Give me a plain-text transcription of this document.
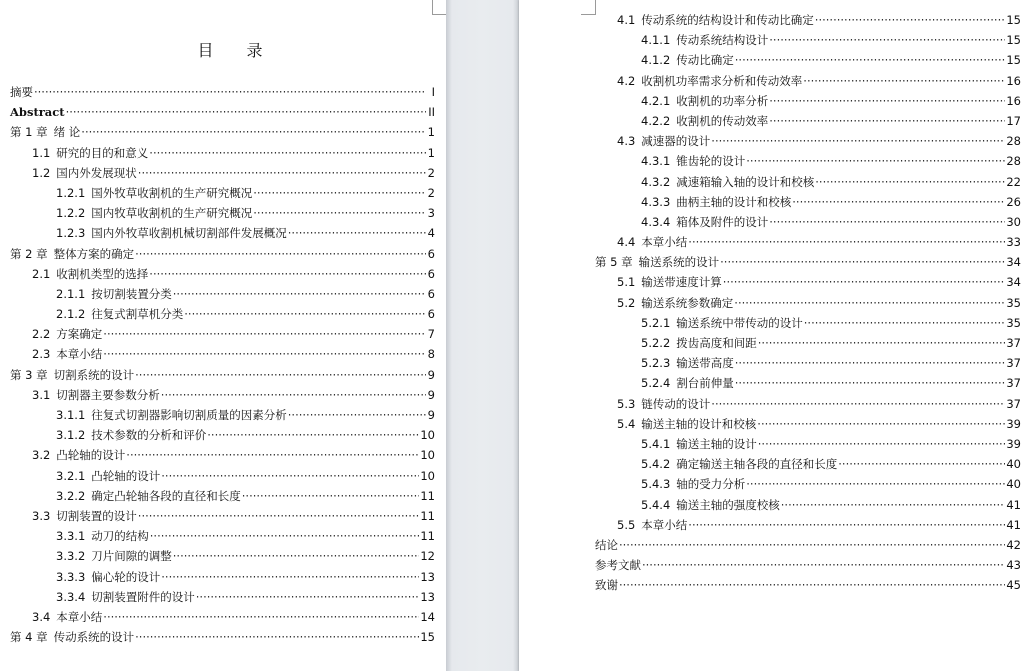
目 录
摘要 ·····	I
Abstract ·····	II
第 1 章 绪 论 ·····	1
1.1 研究的目的和意义 ·····	1
1.2 国内外发展现状 ·····	2
1.2.1 国外牧草收割机的生产研究概况 ·····	2
1.2.2 国内牧草收割机的生产研究概况 ·····	3
1.2.3 国内外牧草收割机械切割部件发展概况 ·····	4
第 2 章 整体方案的确定 ·····	6
2.1 收割机类型的选择 ·····	6
2.1.1 按切割装置分类 ·····	6
2.1.2 往复式割草机分类 ·····	6
2.2 方案确定 ·····	7
2.3 本章小结 ·····	8
第 3 章 切割系统的设计 ·····	9
3.1 切割器主要参数分析 ·····	9
3.1.1 往复式切割器影响切割质量的因素分析 ·····	9
3.1.2 技术参数的分析和评价 ·····	10
3.2 凸轮轴的设计 ·····	10
3.2.1 凸轮轴的设计 ·····	10
3.2.2 确定凸轮轴各段的直径和长度 ·····	11
3.3 切割装置的设计 ·····	11
3.3.1 动刀的结构 ·····	11
3.3.2 刀片间隙的调整 ·····	12
3.3.3 偏心轮的设计 ·····	13
3.3.4 切割装置附件的设计 ·····	13
3.4 本章小结 ·····	14
第 4 章 传动系统的设计 ·····	15
4.1 传动系统的结构设计和传动比确定 ·····	15
4.1.1 传动系统结构设计 ·····	15
4.1.2 传动比确定 ·····	15
4.2 收割机功率需求分析和传动效率 ·····	16
4.2.1 收割机的功率分析 ·····	16
4.2.2 收割机的传动效率 ·····	17
4.3 减速器的设计 ·····	28
4.3.1 锥齿轮的设计 ·····	28
4.3.2 减速箱输入轴的设计和校核 ·····	22
4.3.3 曲柄主轴的设计和校核 ·····	26
4.3.4 箱体及附件的设计 ·····	30
4.4 本章小结 ·····	33
第 5 章 输送系统的设计 ·····	34
5.1 输送带速度计算 ·····	34
5.2 输送系统参数确定 ·····	35
5.2.1 输送系统中带传动的设计 ·····	35
5.2.2 拨齿高度和间距 ·····	37
5.2.3 输送带高度 ·····	37
5.2.4 割台前伸量 ·····	37
5.3 链传动的设计 ·····	37
5.4 输送主轴的设计和校核 ·····	39
5.4.1 输送主轴的设计 ·····	39
5.4.2 确定输送主轴各段的直径和长度 ·····	40
5.4.3 轴的受力分析 ·····	40
5.4.4 输送主轴的强度校核 ·····	41
5.5 本章小结 ·····	41
结论 ·····	42
参考文献 ·····	43
致谢 ·····	45
